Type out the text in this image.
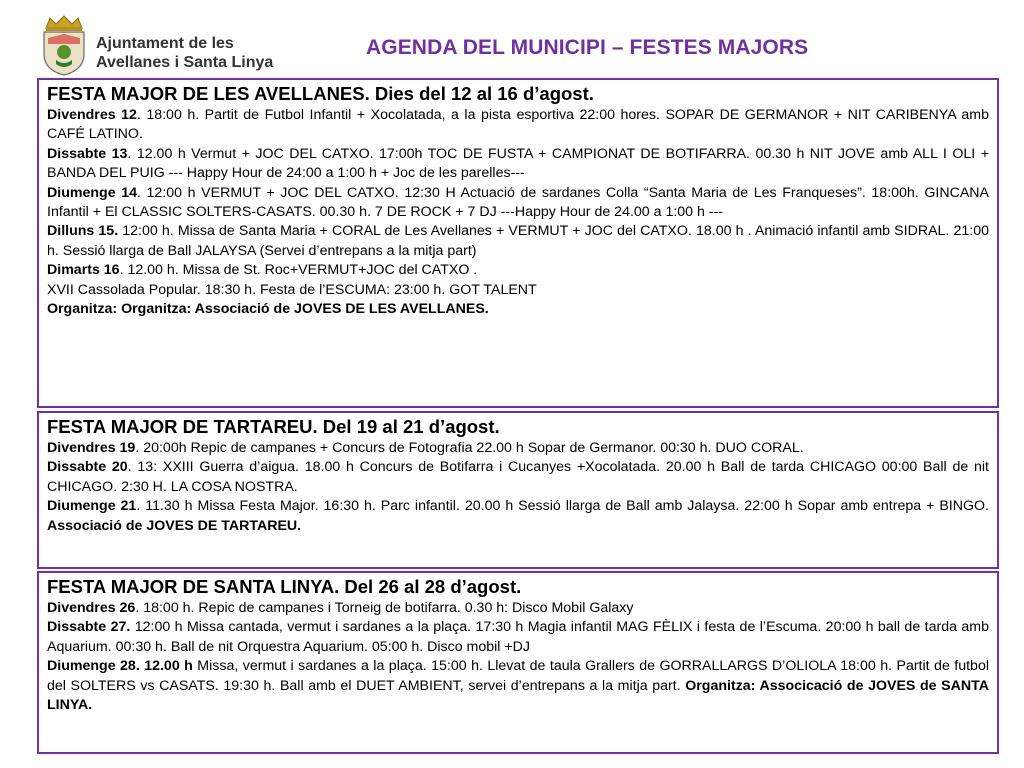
Ajuntament de les
Avellanes i Santa Linya
AGENDA DEL MUNICIPI – FESTES MAJORS
FESTA MAJOR DE LES AVELLANES. Dies del 12 al 16 d’agost.

Divendres 12. 18:00 h. Partit de Futbol Infantil + Xocolatada, a la pista esportiva 22:00 hores. SOPAR DE GERMANOR + NIT CARIBENYA amb CAFÉ LATINO.

Dissabte 13. 12.00 h Vermut + JOC DEL CATXO. 17:00h TOC DE FUSTA + CAMPIONAT DE BOTIFARRA. 00.30 h NIT JOVE amb ALL I OLI + BANDA DEL PUIG --- Happy Hour de 24:00 a 1:00 h + Joc de les parelles---

Diumenge 14. 12:00 h VERMUT + JOC DEL CATXO. 12:30 H Actuació de sardanes Colla “Santa Maria de Les Franqueses”. 18:00h. GINCANA Infantil + El CLASSIC SOLTERS-CASATS. 00.30 h. 7 DE ROCK + 7 DJ ---Happy Hour de 24.00 a 1:00 h ---

Dilluns 15. 12:00 h. Missa de Santa Maria + CORAL de Les Avellanes + VERMUT + JOC del CATXO. 18.00 h . Animació infantil amb SIDRAL. 21:00 h. Sessió llarga de Ball JALAYSA (Servei d’entrepans a la mitja part)

Dimarts 16. 12.00 h. Missa de St. Roc+VERMUT+JOC del CATXO .

XVII Cassolada Popular. 18:30 h. Festa de l’ESCUMA: 23:00 h. GOT TALENT

Organitza: Organitza: Associació de JOVES DE LES AVELLANES.

FESTA MAJOR DE TARTAREU. Del 19 al 21 d’agost.

Divendres 19. 20:00h Repic de campanes + Concurs de Fotografia 22.00 h Sopar de Germanor. 00:30 h. DUO CORAL.

Dissabte 20. 13: XXIII Guerra d’aigua. 18.00 h Concurs de Botifarra i Cucanyes +Xocolatada. 20.00 h Ball de tarda CHICAGO 00:00 Ball de nit CHICAGO. 2:30 H. LA COSA NOSTRA.

Diumenge 21. 11.30 h Missa Festa Major. 16:30 h. Parc infantil. 20.00 h Sessió llarga de Ball amb Jalaysa. 22:00 h Sopar amb entrepa + BINGO. Associació de JOVES DE TARTAREU.

FESTA MAJOR DE SANTA LINYA. Del 26 al 28 d’agost.

Divendres 26. 18:00 h. Repic de campanes i Torneig de botifarra. 0.30 h: Disco Mobil Galaxy

Dissabte 27. 12:00 h Missa cantada, vermut i sardanes a la plaça. 17:30 h Magia infantil MAG FÈLIX i festa de l’Escuma. 20:00 h ball de tarda amb Aquarium. 00:30 h. Ball de nit Orquestra Aquarium. 05:00 h. Disco mobil +DJ

Diumenge 28. 12.00 h Missa, vermut i sardanes a la plaça. 15:00 h. Llevat de taula Grallers de GORRALLARGS D’OLIOLA 18:00 h. Partit de futbol del SOLTERS vs CASATS. 19:30 h. Ball amb el DUET AMBIENT, servei d’entrepans a la mitja part. Organitza: Associcació de JOVES de SANTA LINYA.
